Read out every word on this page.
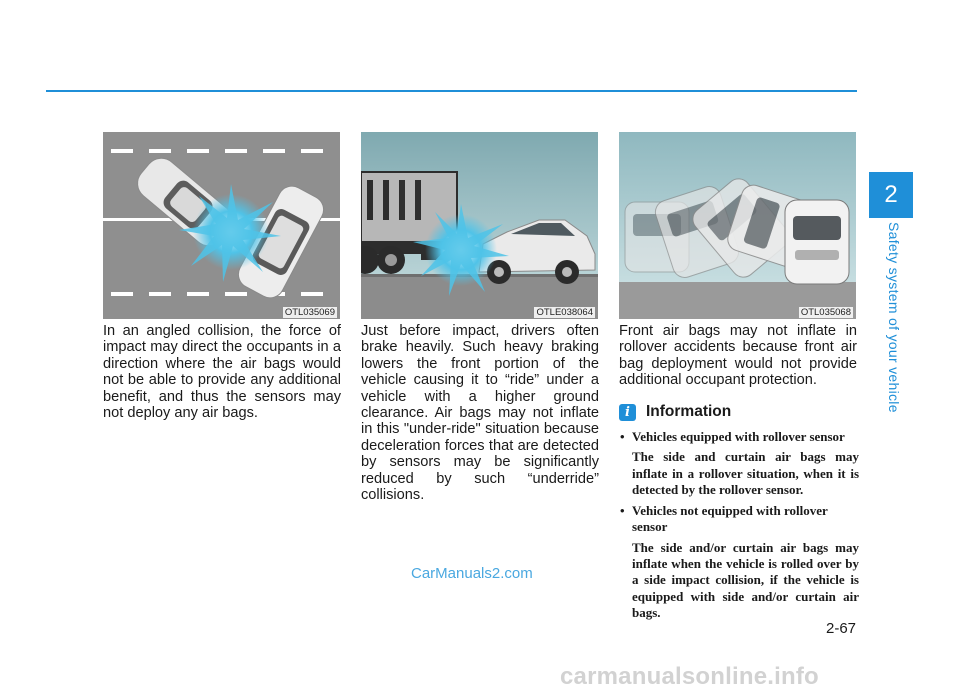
2
Safety system of your vehicle
OTL035069	OTLE038064	OTL035068

In an angled collision, the force of impact may direct the occupants in a direction where the air bags would not be able to provide any additional benefit, and thus the sensors may not deploy any air bags.

Just before impact, drivers often brake heavily. Such heavy braking lowers the front portion of the vehicle causing it to “ride” under a vehicle with a higher ground clearance. Air bags may not inflate in this "under-ride" situation because deceleration forces that are detected by sensors may be significantly reduced by such “underride” collisions.

Front air bags may not inflate in rollover accidents because front air bag deployment would not provide additional occupant protection.

i	Information
• Vehicles equipped with rollover sensor
The side and curtain air bags may inflate in a rollover situation, when it is detected by the rollover sensor.
• Vehicles not equipped with rollover sensor
The side and/or curtain air bags may inflate when the vehicle is rolled over by a side impact collision, if the vehicle is equipped with side and/or curtain air bags.
CarManuals2.com
2-67
carmanualsonline.info
